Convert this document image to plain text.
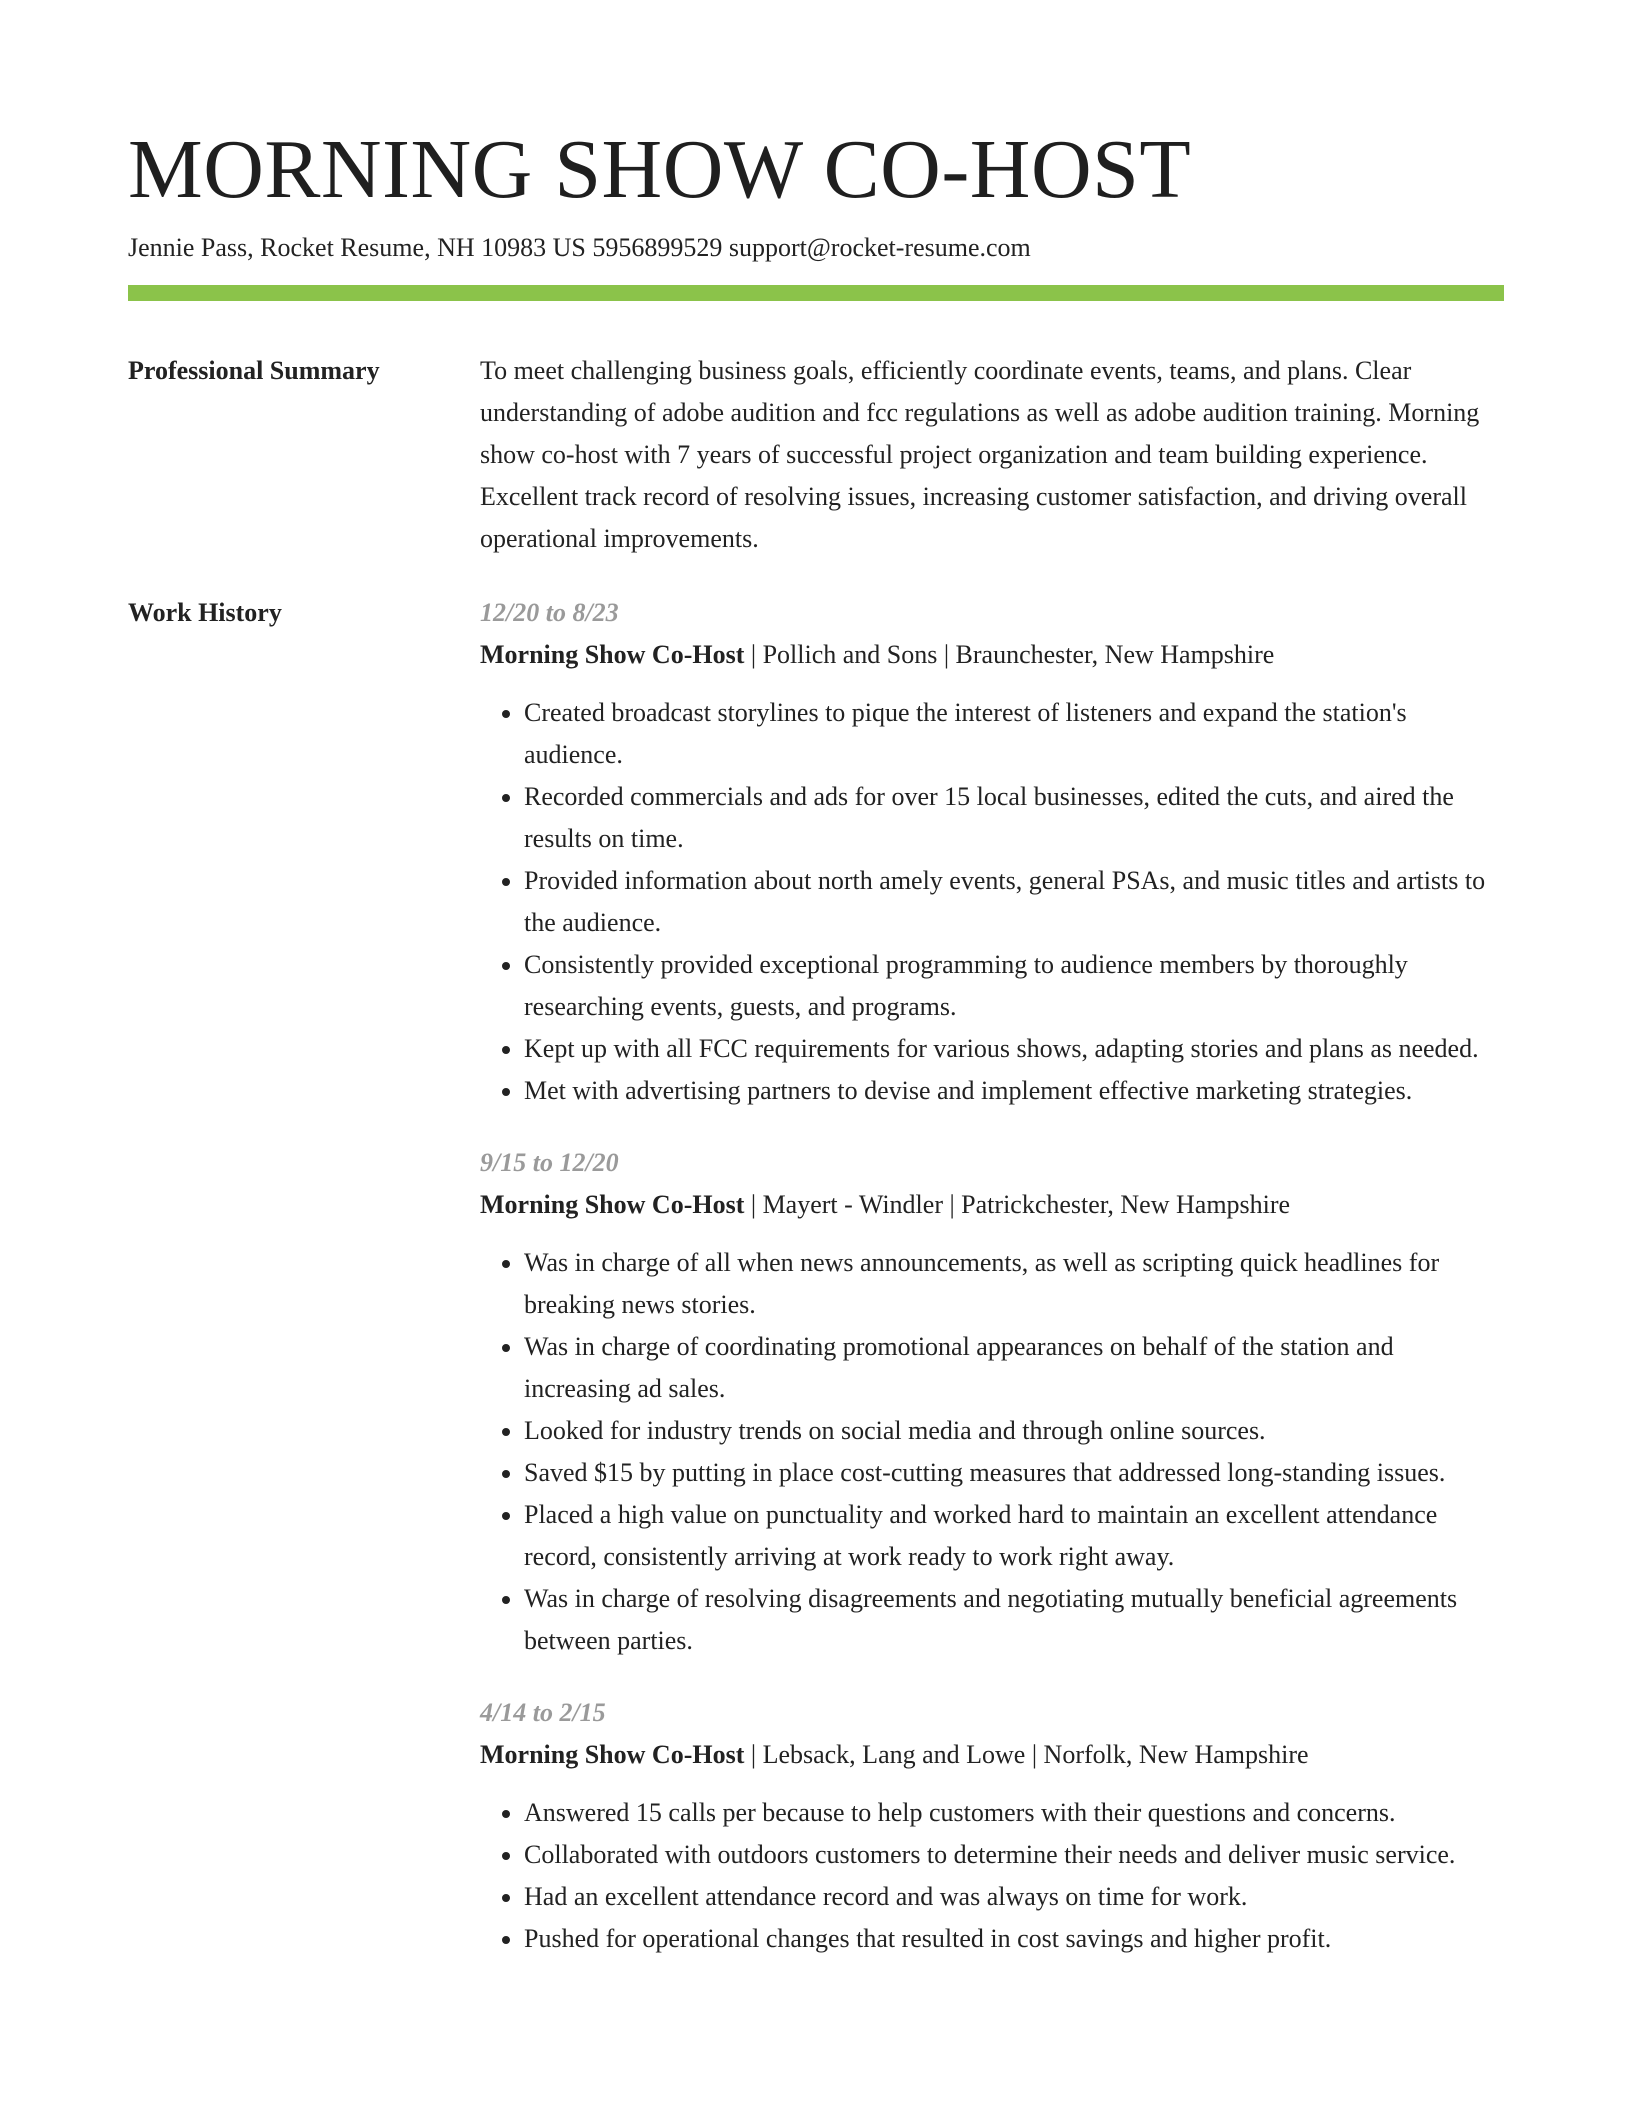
MORNING SHOW CO-HOST
Jennie Pass, Rocket Resume, NH 10983 US 5956899529 support@rocket-resume.com
Professional Summary	To meet challenging business goals, efficiently coordinate events, teams, and plans. Clear understanding of adobe audition and fcc regulations as well as adobe audition training. Morning show co-host with 7 years of successful project organization and team building experience. Excellent track record of resolving issues, increasing customer satisfaction, and driving overall operational improvements.

Work History	12/20 to 8/23
Morning Show Co-Host | Pollich and Sons | Braunchester, New Hampshire
• Created broadcast storylines to pique the interest of listeners and expand the station's audience.
• Recorded commercials and ads for over 15 local businesses, edited the cuts, and aired the results on time.
• Provided information about north amely events, general PSAs, and music titles and artists to the audience.
• Consistently provided exceptional programming to audience members by thoroughly researching events, guests, and programs.
• Kept up with all FCC requirements for various shows, adapting stories and plans as needed.
• Met with advertising partners to devise and implement effective marketing strategies.
9/15 to 12/20
Morning Show Co-Host | Mayert - Windler | Patrickchester, New Hampshire
• Was in charge of all when news announcements, as well as scripting quick headlines for breaking news stories.
• Was in charge of coordinating promotional appearances on behalf of the station and increasing ad sales.
• Looked for industry trends on social media and through online sources.
• Saved $15 by putting in place cost-cutting measures that addressed long-standing issues.
• Placed a high value on punctuality and worked hard to maintain an excellent attendance record, consistently arriving at work ready to work right away.
• Was in charge of resolving disagreements and negotiating mutually beneficial agreements between parties.
4/14 to 2/15
Morning Show Co-Host | Lebsack, Lang and Lowe | Norfolk, New Hampshire
• Answered 15 calls per because to help customers with their questions and concerns.
• Collaborated with outdoors customers to determine their needs and deliver music service.
• Had an excellent attendance record and was always on time for work.
• Pushed for operational changes that resulted in cost savings and higher profit.
